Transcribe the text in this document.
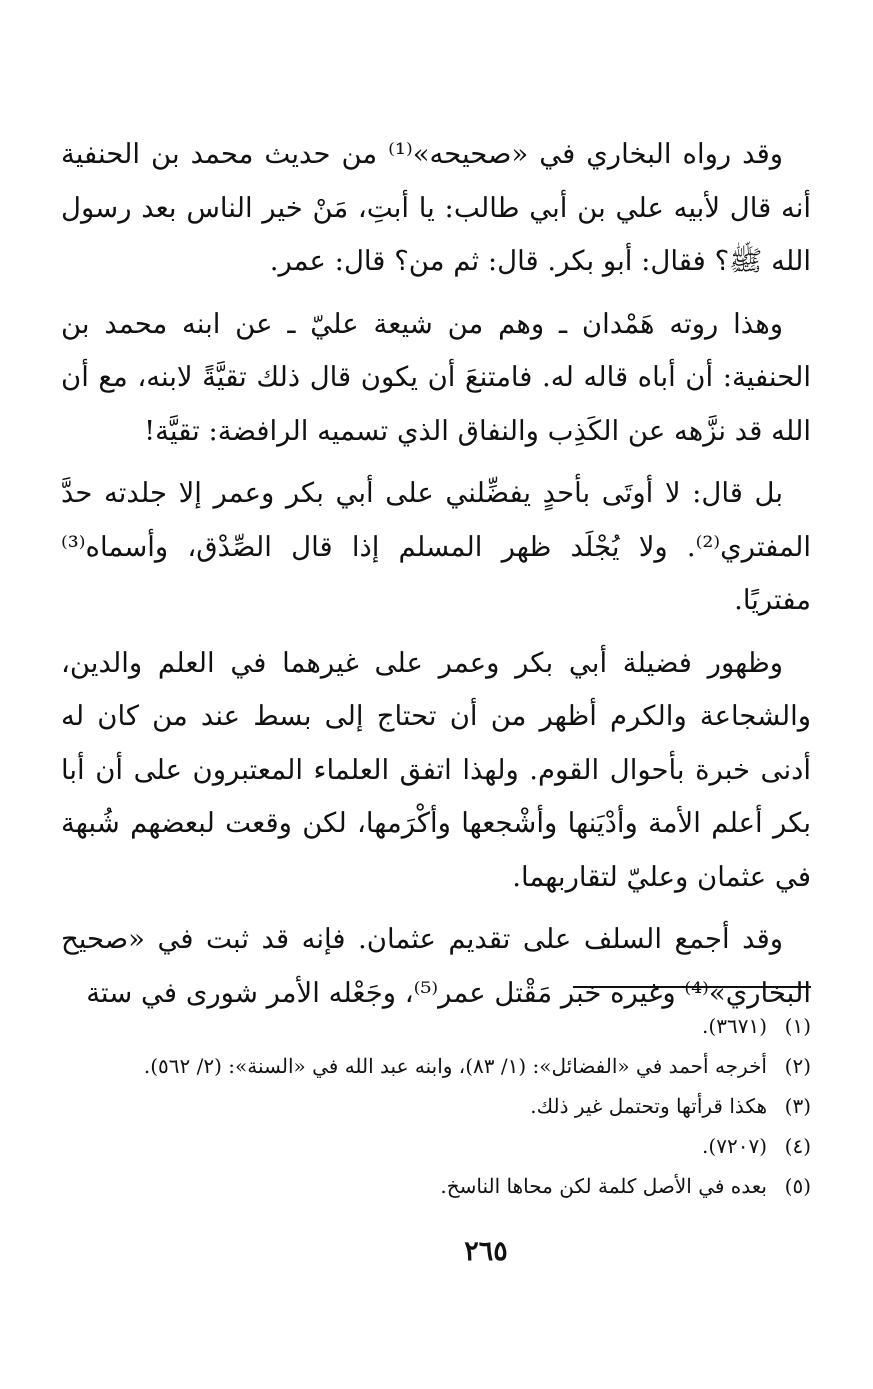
وقد رواه البخاري في «صحيحه»⁽¹⁾ من حديث محمد بن الحنفية أنه قال لأبيه علي بن أبي طالب: يا أبتِ، مَنْ خير الناس بعد رسول الله ﷺ؟ فقال: أبو بكر. قال: ثم من؟ قال: عمر.

وهذا روته هَمْدان ـ وهم من شيعة عليّ ـ عن ابنه محمد بن الحنفية: أن أباه قاله له. فامتنعَ أن يكون قال ذلك تقيَّةً لابنه، مع أن الله قد نزَّهه عن الكَذِب والنفاق الذي تسميه الرافضة: تقيَّة!

بل قال: لا أوتَى بأحدٍ يفضِّلني على أبي بكر وعمر إلا جلدته حدَّ المفتري⁽²⁾. ولا يُجْلَد ظهر المسلم إذا قال الصِّدْق، وأسماه⁽³⁾ مفتريًا.

وظهور فضيلة أبي بكر وعمر على غيرهما في العلم والدين، والشجاعة والكرم أظهر من أن تحتاج إلى بسط عند من كان له أدنى خبرة بأحوال القوم. ولهذا اتفق العلماء المعتبرون على أن أبا بكر أعلم الأمة وأدْيَنها وأشْجعها وأكْرَمها، لكن وقعت لبعضهم شُبهة في عثمان وعليّ لتقاربهما.

وقد أجمع السلف على تقديم عثمان. فإنه قد ثبت في «صحيح البخاري»⁽⁴⁾ وغيره خبر مَقْتل عمر⁽⁵⁾، وجَعْله الأمر شورى في ستة

(١)
(٣٦٧١).
(٢)
أخرجه أحمد في «الفضائل»: (١/ ٨٣)، وابنه عبد الله في «السنة»: (٢/ ٥٦٢).
(٣)
هكذا قرأتها وتحتمل غير ذلك.
(٤)
(٧٢٠٧).
(٥)
بعده في الأصل كلمة لكن محاها الناسخ.
٢٦٥
